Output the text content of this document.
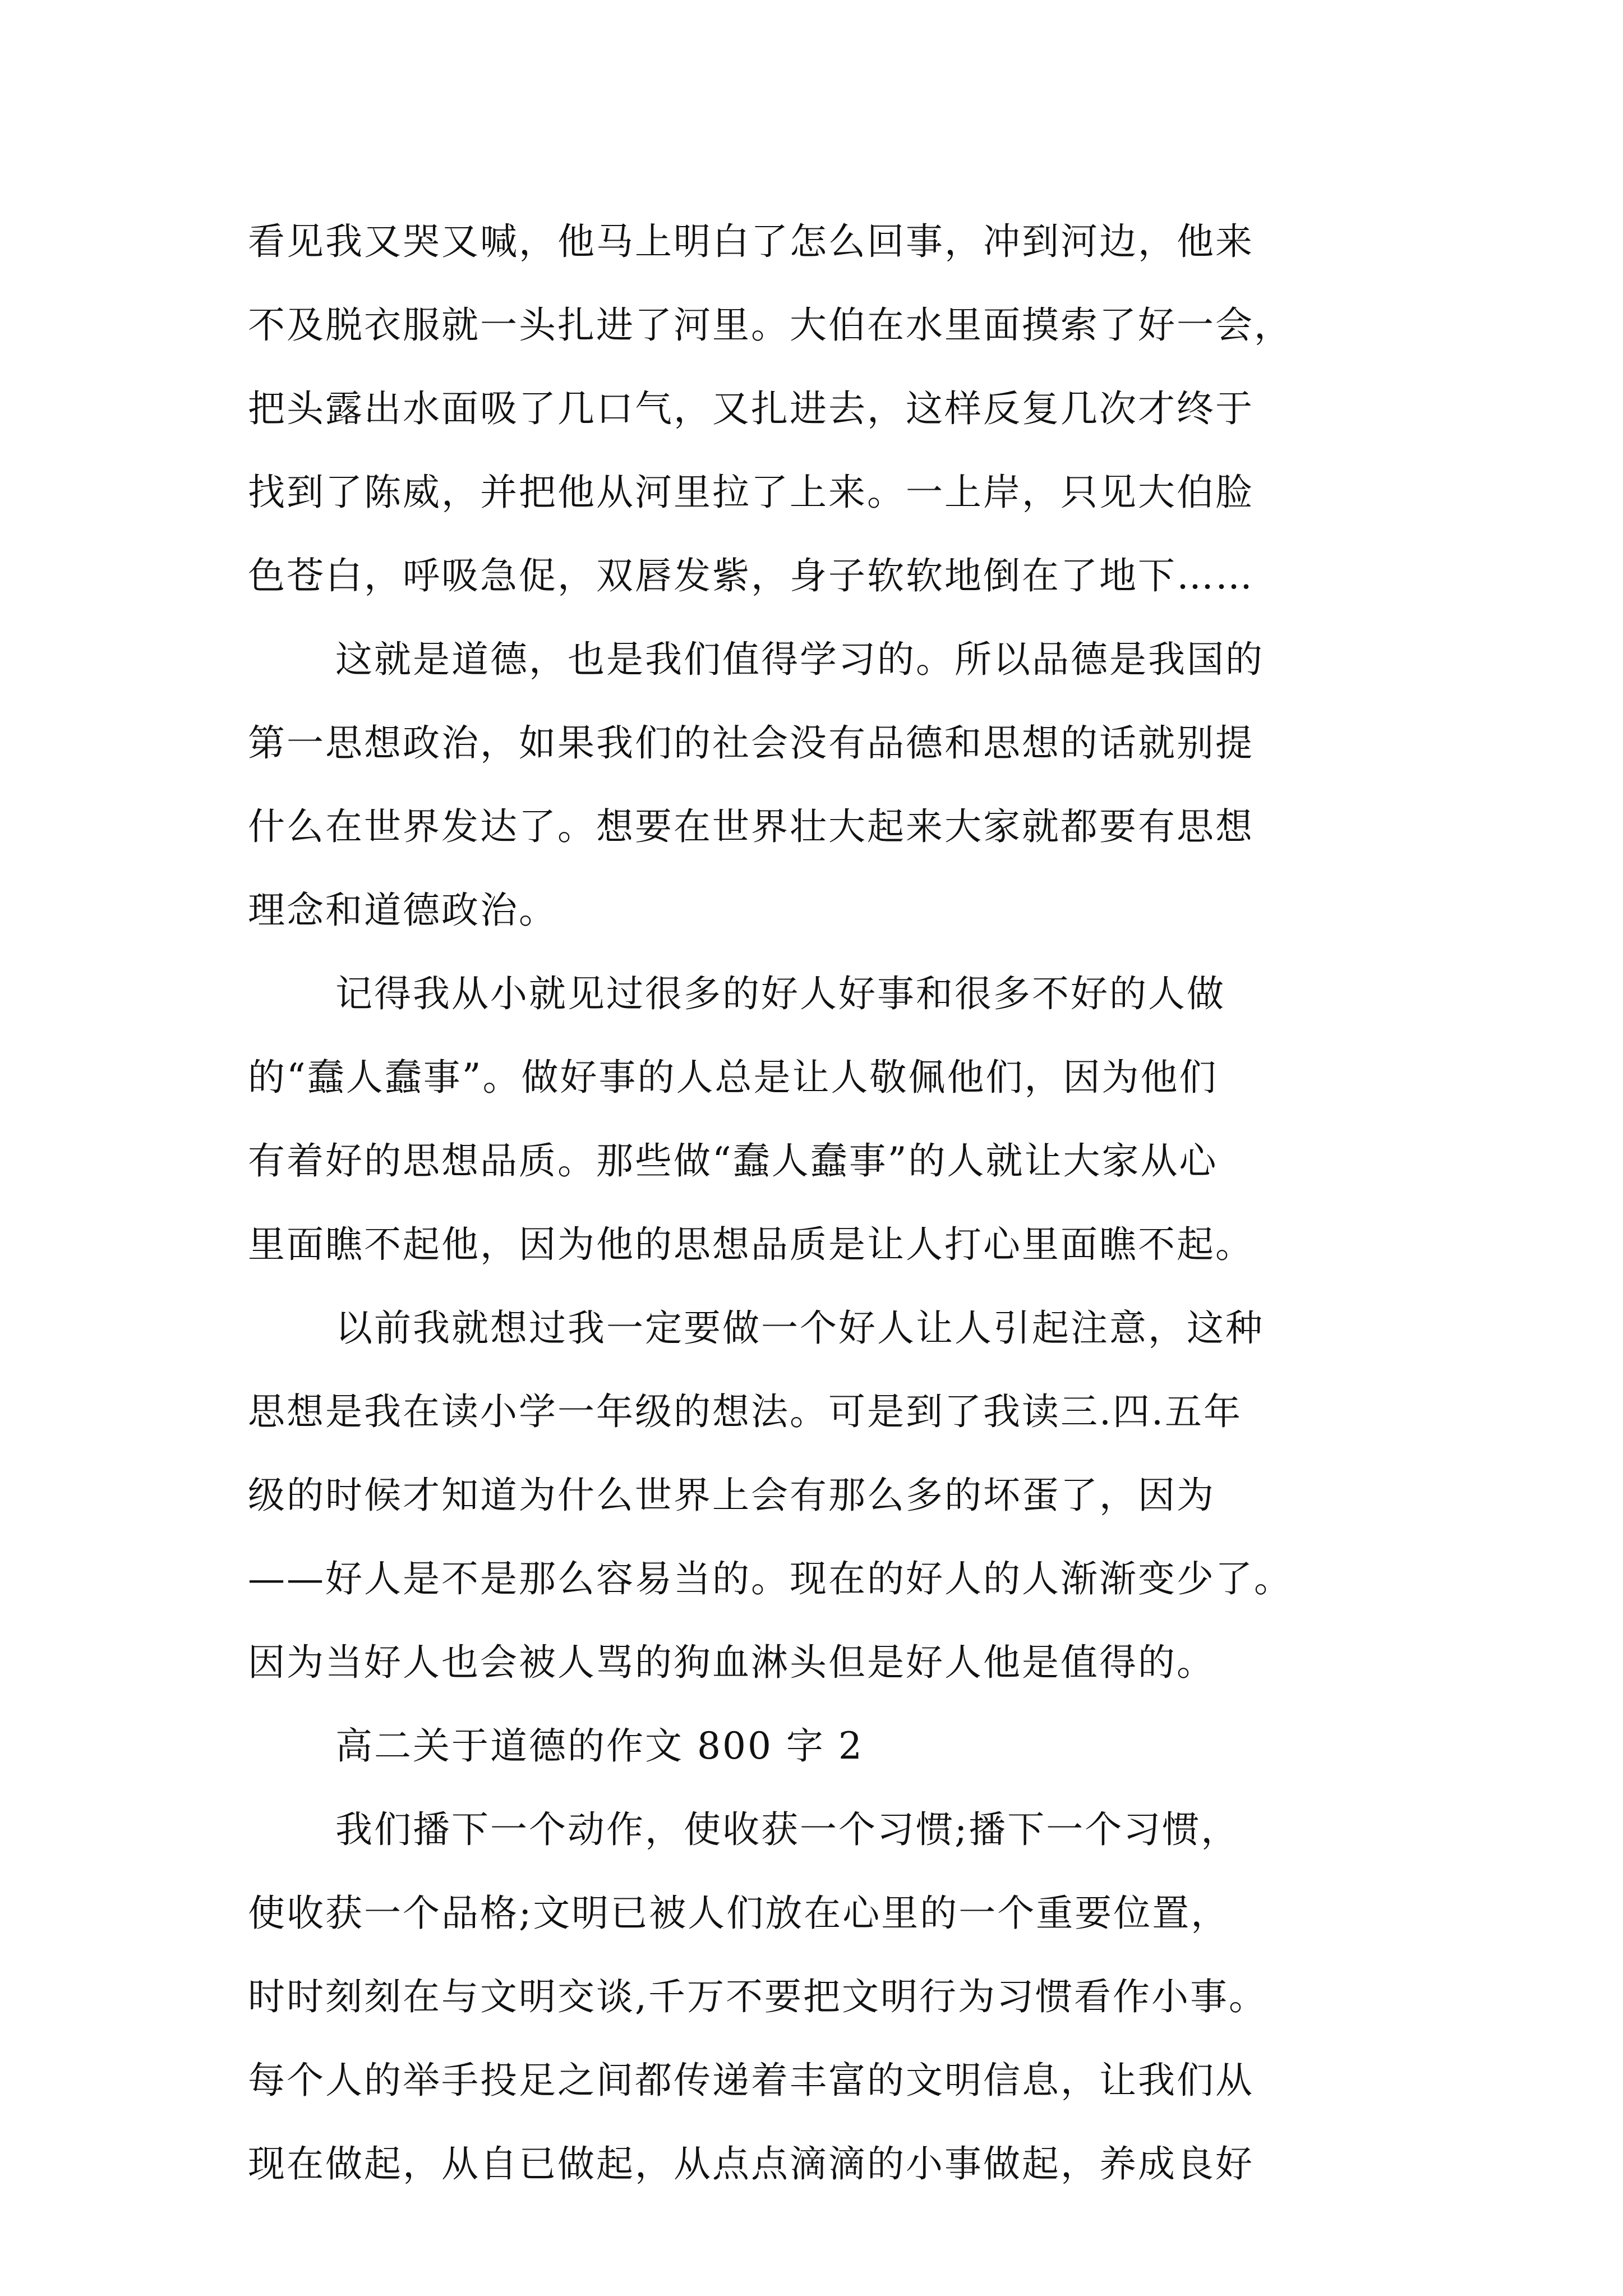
看见我又哭又喊，他马上明白了怎么回事，冲到河边，他来
不及脱衣服就一头扎进了河里。大伯在水里面摸索了好一会，
把头露出水面吸了几口气，又扎进去，这样反复几次才终于
找到了陈威，并把他从河里拉了上来。一上岸，只见大伯脸
色苍白，呼吸急促，双唇发紫，身子软软地倒在了地下……
这就是道德，也是我们值得学习的。所以品德是我国的
第一思想政治，如果我们的社会没有品德和思想的话就别提
什么在世界发达了。想要在世界壮大起来大家就都要有思想
理念和道德政治。
记得我从小就见过很多的好人好事和很多不好的人做
的“蠢人蠢事”。做好事的人总是让人敬佩他们，因为他们
有着好的思想品质。那些做“蠢人蠢事”的人就让大家从心
里面瞧不起他，因为他的思想品质是让人打心里面瞧不起。
以前我就想过我一定要做一个好人让人引起注意，这种
思想是我在读小学一年级的想法。可是到了我读三.四.五年
级的时候才知道为什么世界上会有那么多的坏蛋了，因为
——好人是不是那么容易当的。现在的好人的人渐渐变少了。
因为当好人也会被人骂的狗血淋头但是好人他是值得的。
高二关于道德的作文 800 字 2
我们播下一个动作，使收获一个习惯;播下一个习惯，
使收获一个品格;文明已被人们放在心里的一个重要位置，
时时刻刻在与文明交谈,千万不要把文明行为习惯看作小事。
每个人的举手投足之间都传递着丰富的文明信息，让我们从
现在做起，从自已做起，从点点滴滴的小事做起，养成良好
